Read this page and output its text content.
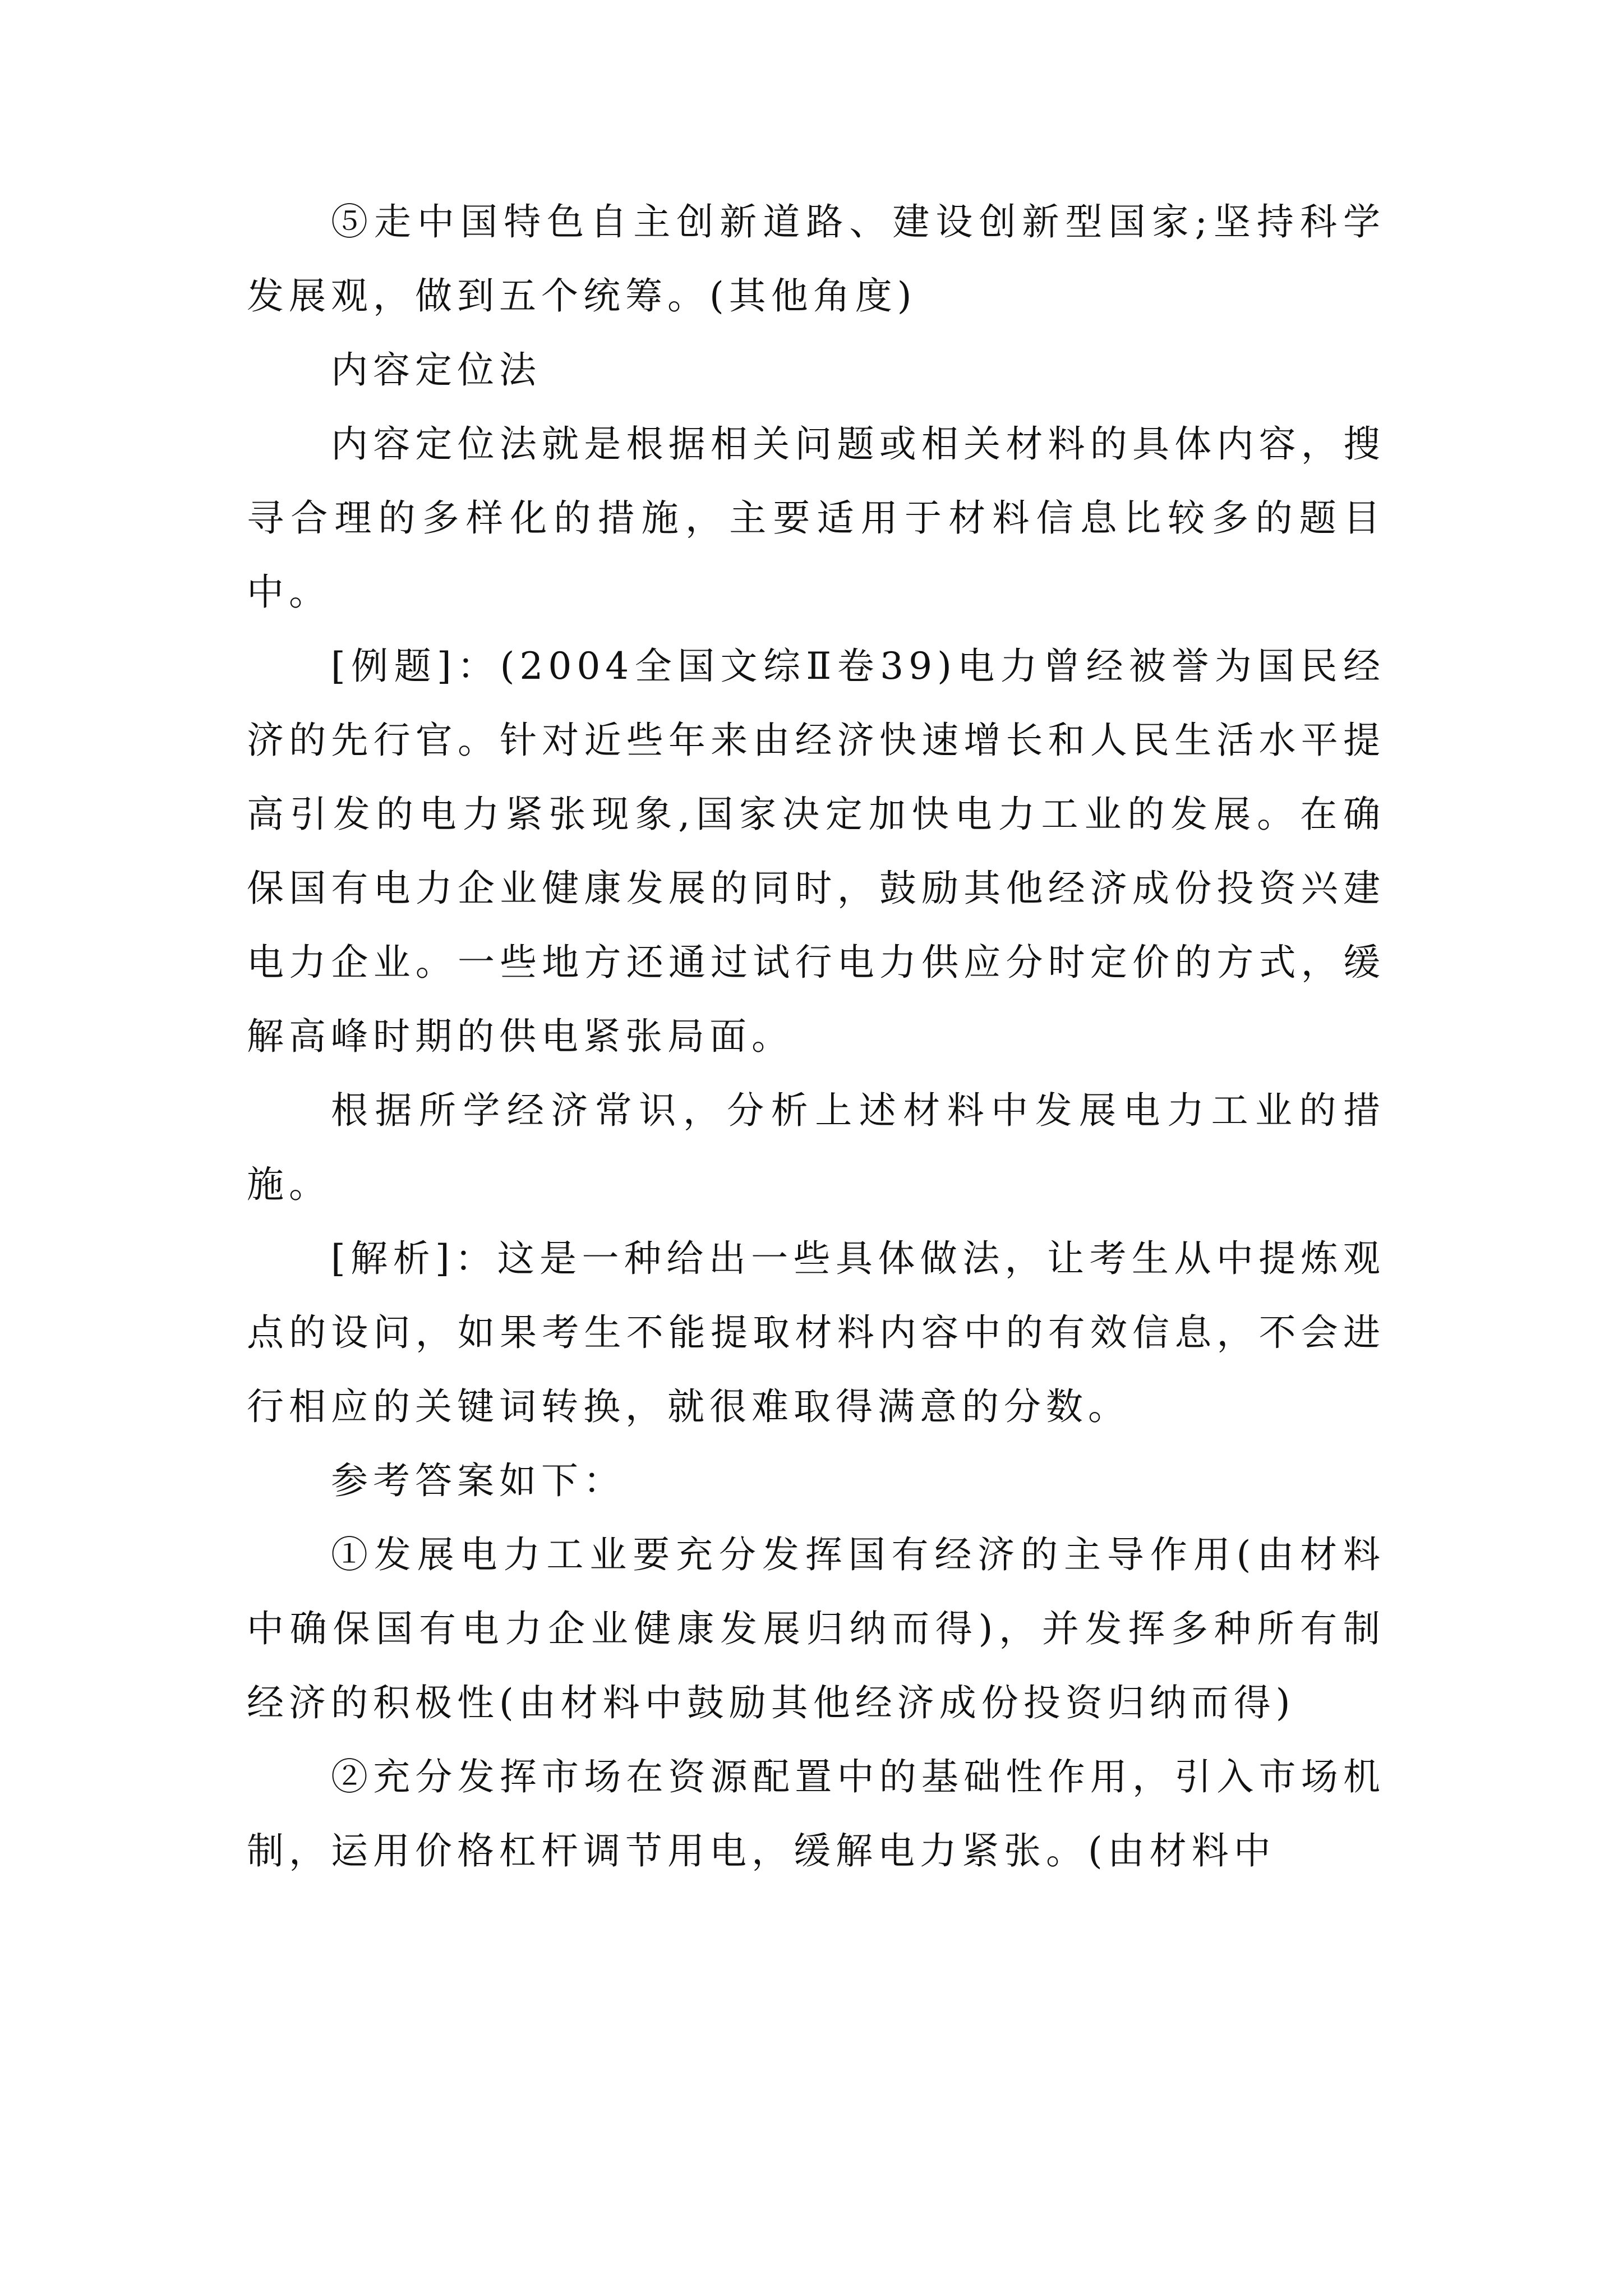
⑤走中国特色自主创新道路、建设创新型国家;坚持科学发展观，做到五个统筹。(其他角度)

内容定位法

内容定位法就是根据相关问题或相关材料的具体内容，搜寻合理的多样化的措施，主要适用于材料信息比较多的题目中。

[例题]：(2004全国文综Ⅱ卷39)电力曾经被誉为国民经济的先行官。针对近些年来由经济快速增长和人民生活水平提高引发的电力紧张现象,国家决定加快电力工业的发展。在确保国有电力企业健康发展的同时，鼓励其他经济成份投资兴建电力企业。一些地方还通过试行电力供应分时定价的方式，缓解高峰时期的供电紧张局面。

根据所学经济常识，分析上述材料中发展电力工业的措施。

[解析]：这是一种给出一些具体做法，让考生从中提炼观点的设问，如果考生不能提取材料内容中的有效信息，不会进行相应的关键词转换，就很难取得满意的分数。

参考答案如下：

①发展电力工业要充分发挥国有经济的主导作用(由材料中确保国有电力企业健康发展归纳而得)，并发挥多种所有制经济的积极性(由材料中鼓励其他经济成份投资归纳而得)

②充分发挥市场在资源配置中的基础性作用，引入市场机制，运用价格杠杆调节用电，缓解电力紧张。(由材料中
